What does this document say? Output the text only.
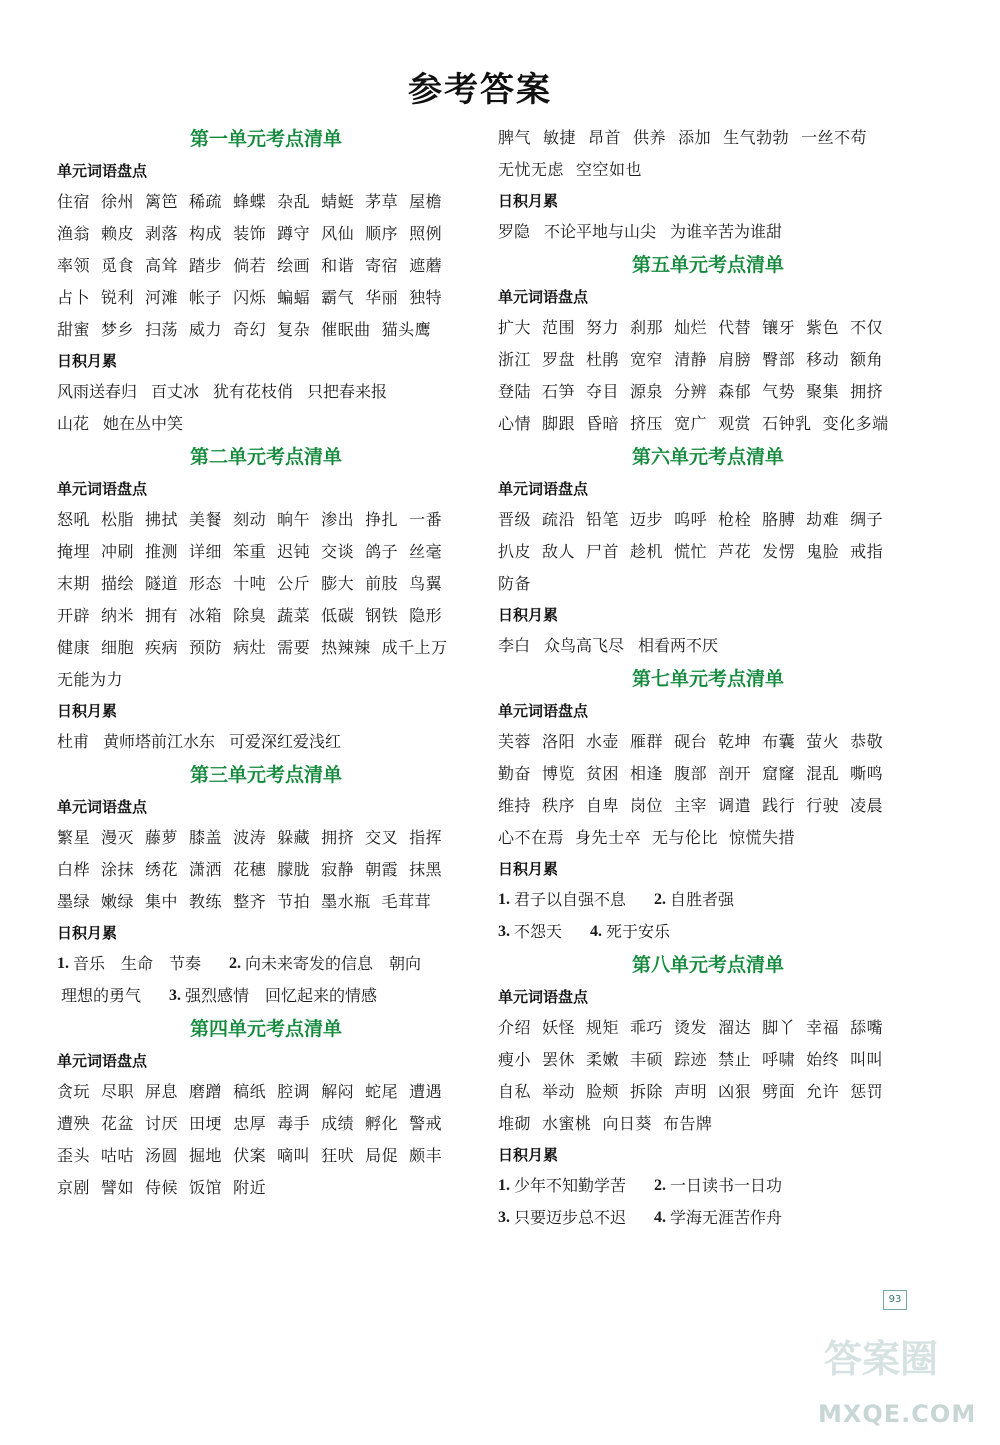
参考答案
第一单元考点清单
单元词语盘点
住宿 徐州 篱笆 稀疏 蜂蝶 杂乱 蜻蜓 茅草 屋檐
渔翁 赖皮 剥落 构成 装饰 蹲守 风仙 顺序 照例
率领 觅食 高耸 踏步 倘若 绘画 和谐 寄宿 遮蘑
占卜 锐利 河滩 帐子 闪烁 蝙蝠 霸气 华丽 独特
甜蜜 梦乡 扫荡 威力 奇幻 复杂 催眠曲 猫头鹰
日积月累
风雨送春归 百丈冰 犹有花枝俏 只把春来报
山花 她在丛中笑
第二单元考点清单
单元词语盘点
怒吼 松脂 拂拭 美餐 刻动 晌午 渗出 挣扎 一番
掩埋 冲刷 推测 详细 笨重 迟钝 交谈 鸽子 丝毫
末期 描绘 隧道 形态 十吨 公斤 膨大 前肢 鸟翼
开辟 纳米 拥有 冰箱 除臭 蔬菜 低碳 钢铁 隐形
健康 细胞 疾病 预防 病灶 需要 热辣辣 成千上万
无能为力
日积月累
杜甫 黄师塔前江水东 可爱深红爱浅红
第三单元考点清单
单元词语盘点
繁星 漫灭 藤萝 膝盖 波涛 躲藏 拥挤 交叉 指挥
白桦 涂抹 绣花 潇洒 花穗 朦胧 寂静 朝霞 抹黑
墨绿 嫩绿 集中 教练 整齐 节拍 墨水瓶 毛茸茸
日积月累
1. 音乐　生命　节奏 2. 向未来寄发的信息　朝向
理想的勇气 3. 强烈感情　回忆起来的情感
第四单元考点清单
单元词语盘点
贪玩 尽职 屏息 磨蹭 稿纸 腔调 解闷 蛇尾 遭遇
遭殃 花盆 讨厌 田埂 忠厚 毒手 成绩 孵化 警戒
歪头 咕咕 汤圆 掘地 伏案 嘀叫 狂吠 局促 颇丰
京剧 譬如 侍候 饭馆 附近
脾气 敏捷 昂首 供养 添加 生气勃勃 一丝不苟
无忧无虑 空空如也
日积月累
罗隐 不论平地与山尖 为谁辛苦为谁甜
第五单元考点清单
单元词语盘点
扩大 范围 努力 刹那 灿烂 代替 镶牙 紫色 不仅
浙江 罗盘 杜鹃 宽窄 清静 肩膀 臀部 移动 额角
登陆 石笋 夺目 源泉 分辨 森郁 气势 聚集 拥挤
心情 脚跟 昏暗 挤压 宽广 观赏 石钟乳 变化多端
第六单元考点清单
单元词语盘点
晋级 疏沿 铅笔 迈步 呜呼 枪栓 胳膊 劫难 绸子
扒皮 敌人 尸首 趁机 慌忙 芦花 发愣 鬼脸 戒指
防备
日积月累
李白 众鸟高飞尽 相看两不厌
第七单元考点清单
单元词语盘点
芙蓉 洛阳 水壶 雁群 砚台 乾坤 布囊 萤火 恭敬
勤奋 博览 贫困 相逢 腹部 剖开 窟窿 混乱 嘶鸣
维持 秩序 自卑 岗位 主宰 调遣 践行 行驶 凌晨
心不在焉 身先士卒 无与伦比 惊慌失措
日积月累
1. 君子以自强不息 2. 自胜者强
3. 不怨天 4. 死于安乐
第八单元考点清单
单元词语盘点
介绍 妖怪 规矩 乖巧 烫发 溜达 脚丫 幸福 舔嘴
瘦小 罢休 柔嫩 丰硕 踪迹 禁止 呼啸 始终 叫叫
自私 举动 脸颊 拆除 声明 凶狠 劈面 允许 惩罚
堆砌 水蜜桃 向日葵 布告牌
日积月累
1. 少年不知勤学苦 2. 一日读书一日功
3. 只要迈步总不迟 4. 学海无涯苦作舟
93
答案圈
MXQE.COM
